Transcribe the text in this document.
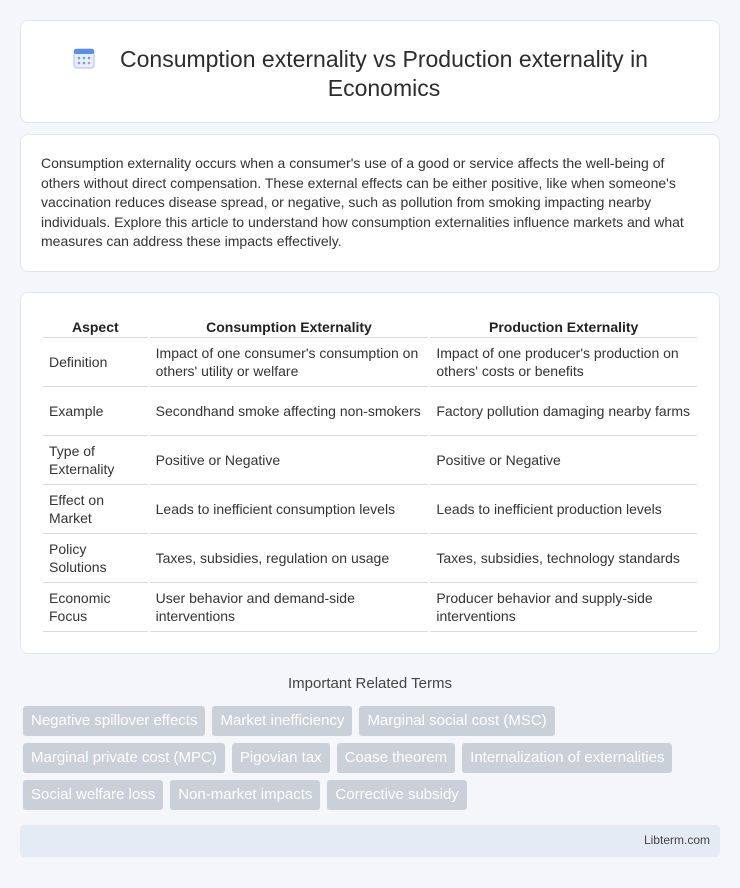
Consumption externality vs Production externality in Economics

Consumption externality occurs when a consumer's use of a good or service affects the well-being of others without direct compensation. These external effects can be either positive, like when someone's vaccination reduces disease spread, or negative, such as pollution from smoking impacting nearby individuals. Explore this article to understand how consumption externalities influence markets and what measures can address these impacts effectively.

Aspect	Consumption Externality	Production Externality
Definition	Impact of one consumer's consumption on others' utility or welfare	Impact of one producer's production on others' costs or benefits
Example	Secondhand smoke affecting non-smokers	Factory pollution damaging nearby farms
Type of Externality	Positive or Negative	Positive or Negative
Effect on Market	Leads to inefficient consumption levels	Leads to inefficient production levels
Policy Solutions	Taxes, subsidies, regulation on usage	Taxes, subsidies, technology standards
Economic Focus	User behavior and demand-side interventions	Producer behavior and supply-side interventions
Important Related Terms
Negative spillover effects	Market inefficiency	Marginal social cost (MSC)
Marginal private cost (MPC)	Pigovian tax	Coase theorem	Internalization of externalities
Social welfare loss	Non-market impacts	Corrective subsidy
Libterm.com
